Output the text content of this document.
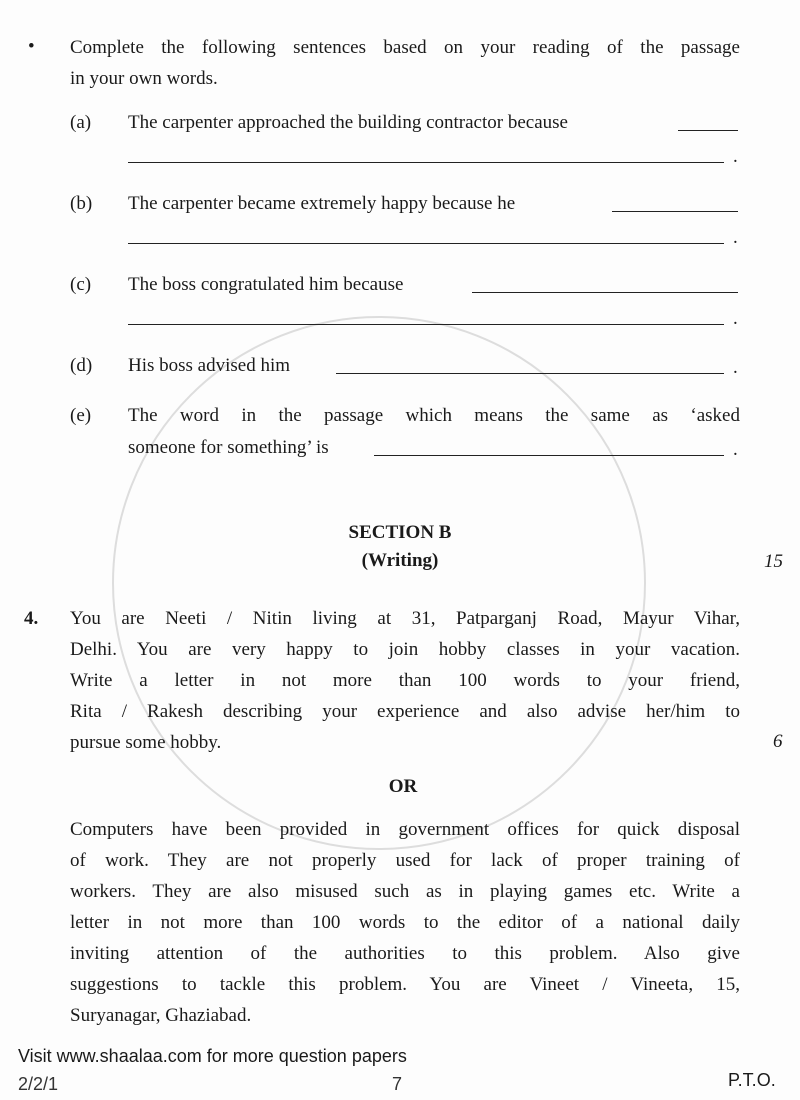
• Complete the following sentences based on your reading of the passage
in your own words.
(a) The carpenter approached the building contractor because
.
(b) The carpenter became extremely happy because he
.
(c) The boss congratulated him because
.
(d) His boss advised him	.
(e) The word in the passage which means the same as ‘asked
someone for something’ is	.
SECTION B
(Writing)	15
4. You are Neeti / Nitin living at 31, Patparganj Road, Mayur Vihar,
Delhi. You are very happy to join hobby classes in your vacation.
Write a letter in not more than 100 words to your friend,
Rita / Rakesh describing your experience and also advise her/him to
pursue some hobby.	6
OR
Computers have been provided in government offices for quick disposal
of work. They are not properly used for lack of proper training of
workers. They are also misused such as in playing games etc. Write a
letter in not more than 100 words to the editor of a national daily
inviting attention of the authorities to this problem. Also give
suggestions to tackle this problem. You are Vineet / Vineeta, 15,
Suryanagar, Ghaziabad.
Visit www.shaalaa.com for more question papers
2/2/1	7	P.T.O.
